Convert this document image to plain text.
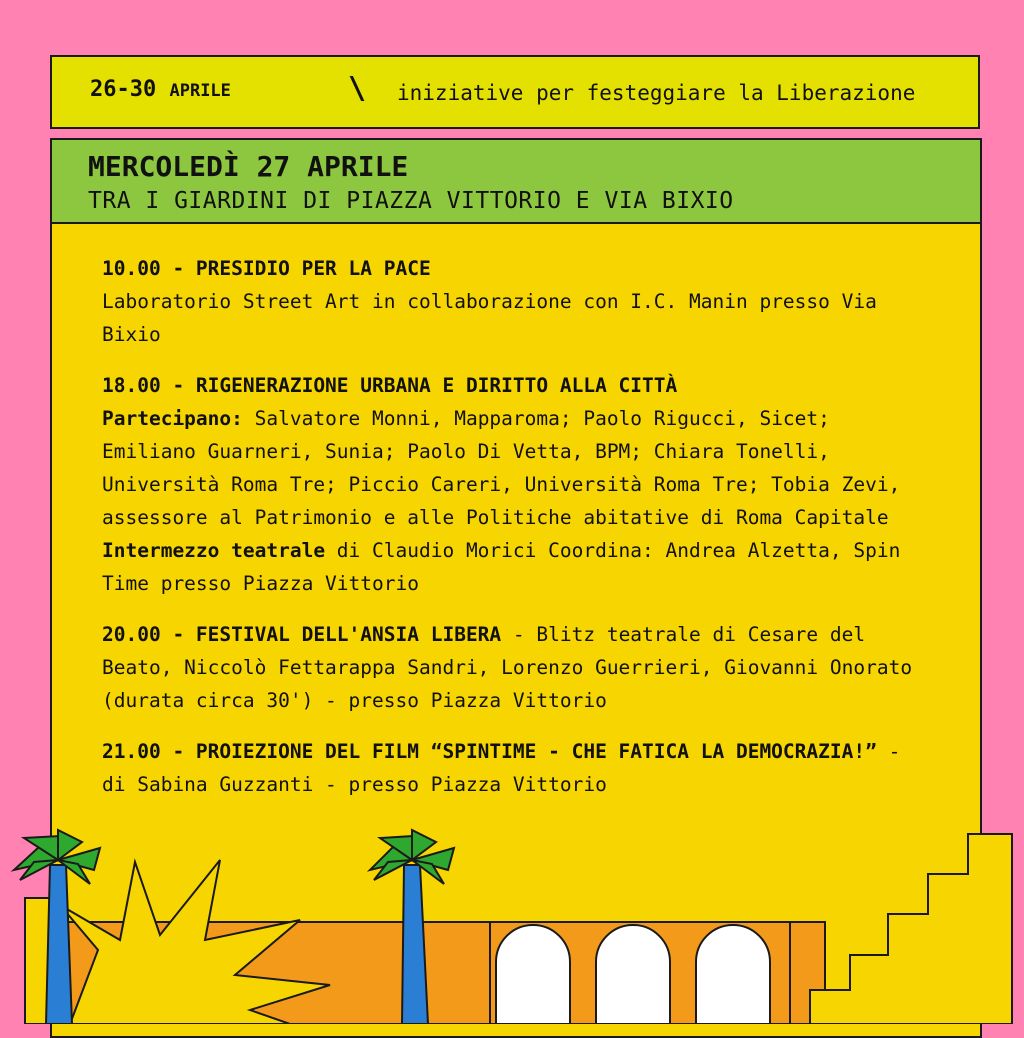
26-30 APRILE	\ iniziative per festeggiare la Liberazione
MERCOLEDÌ 27 APRILE
TRA I GIARDINI DI PIAZZA VITTORIO E VIA BIXIO

10.00 - PRESIDIO PER LA PACE

Laboratorio Street Art in collaborazione con I.C. Manin presso Via Bixio

18.00 - RIGENERAZIONE URBANA E DIRITTO ALLA CITTÀ

Partecipano: Salvatore Monni, Mapparoma; Paolo Rigucci, Sicet; Emiliano Guarneri, Sunia; Paolo Di Vetta, BPM; Chiara Tonelli, Università Roma Tre; Piccio Careri, Università Roma Tre; Tobia Zevi, assessore al Patrimonio e alle Politiche abitative di Roma Capitale

Intermezzo teatrale di Claudio Morici Coordina: Andrea Alzetta, Spin Time presso Piazza Vittorio

20.00 - FESTIVAL DELL'ANSIA LIBERA - Blitz teatrale di Cesare del Beato, Niccolò Fettarappa Sandri, Lorenzo Guerrieri, Giovanni Onorato (durata circa 30') - presso Piazza Vittorio

21.00 - PROIEZIONE DEL FILM “SPINTIME - CHE FATICA LA DEMOCRAZIA!” - di Sabina Guzzanti - presso Piazza Vittorio
